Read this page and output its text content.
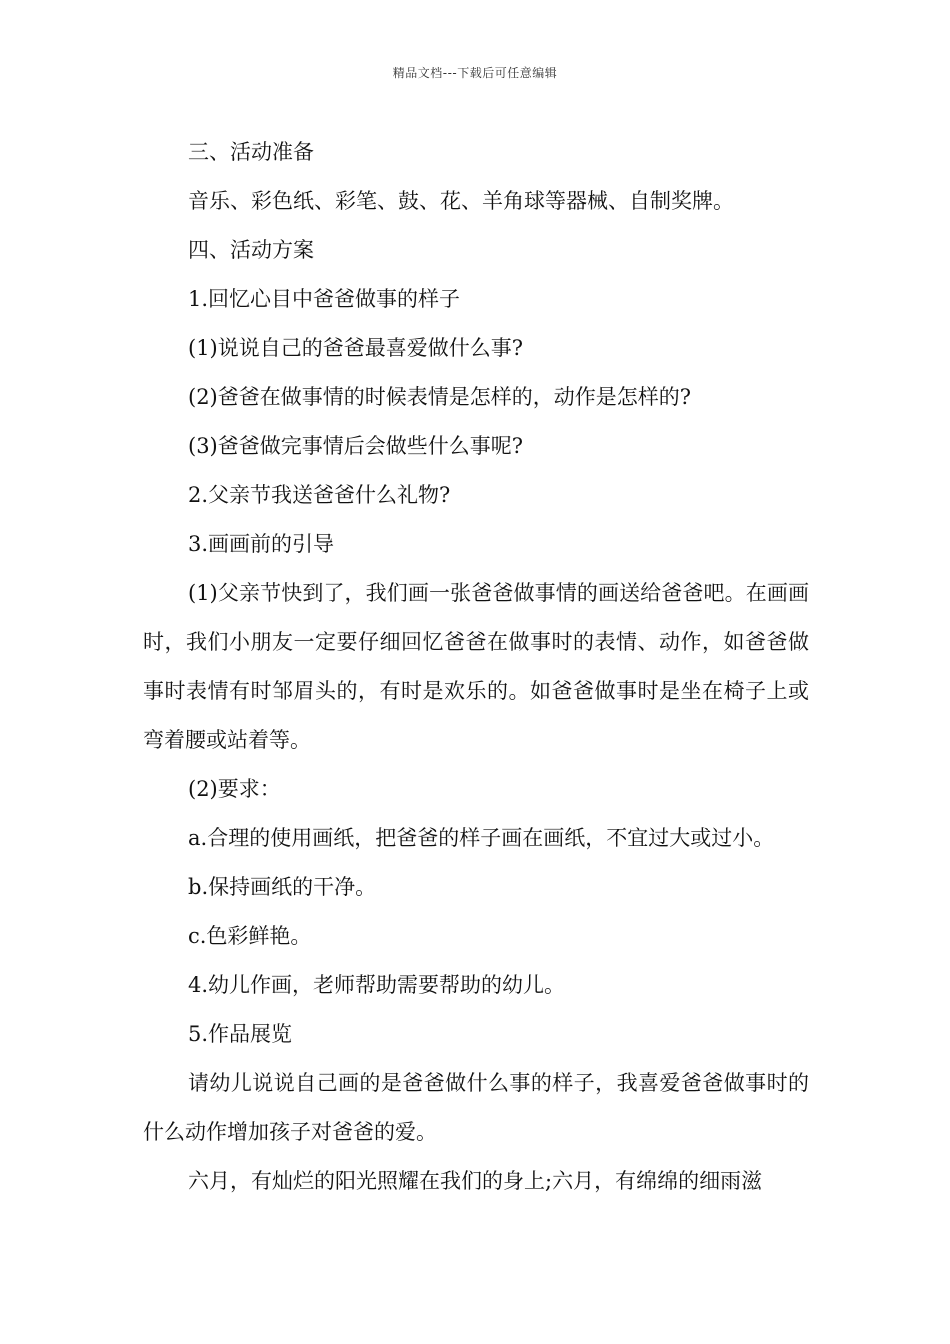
精品文档---下载后可任意编辑

三、活动准备

音乐、彩色纸、彩笔、鼓、花、羊角球等器械、自制奖牌。

四、活动方案

1.回忆心目中爸爸做事的样子

(1)说说自己的爸爸最喜爱做什么事?

(2)爸爸在做事情的时候表情是怎样的，动作是怎样的?

(3)爸爸做完事情后会做些什么事呢?

2.父亲节我送爸爸什么礼物?

3.画画前的引导

(1)父亲节快到了，我们画一张爸爸做事情的画送给爸爸吧。在画画时，我们小朋友一定要仔细回忆爸爸在做事时的表情、动作，如爸爸做事时表情有时邹眉头的，有时是欢乐的。如爸爸做事时是坐在椅子上或弯着腰或站着等。

(2)要求：

a.合理的使用画纸，把爸爸的样子画在画纸，不宜过大或过小。

b.保持画纸的干净。

c.色彩鲜艳。

4.幼儿作画，老师帮助需要帮助的幼儿。

5.作品展览

请幼儿说说自己画的是爸爸做什么事的样子，我喜爱爸爸做事时的什么动作增加孩子对爸爸的爱。

六月，有灿烂的阳光照耀在我们的身上;六月，有绵绵的细雨滋
